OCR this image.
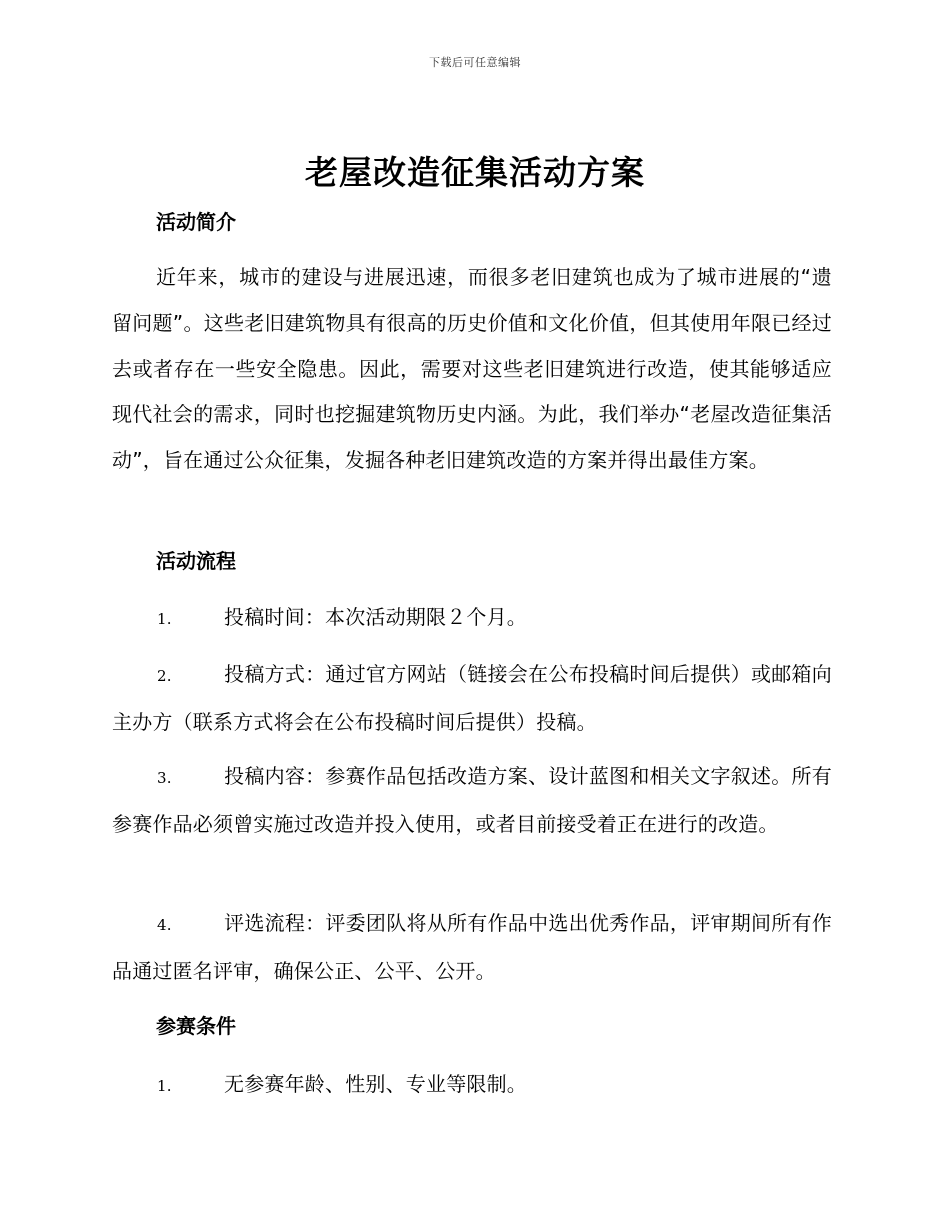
下载后可任意编辑
老屋改造征集活动方案
活动简介
近年来，城市的建设与进展迅速，而很多老旧建筑也成为了城市进展的“遗留问题”。这些老旧建筑物具有很高的历史价值和文化价值，但其使用年限已经过去或者存在一些安全隐患。因此，需要对这些老旧建筑进行改造，使其能够适应现代社会的需求，同时也挖掘建筑物历史内涵。为此，我们举办“老屋改造征集活动”，旨在通过公众征集，发掘各种老旧建筑改造的方案并得出最佳方案。
活动流程
1.	投稿时间：本次活动期限２个月。
2.	投稿方式：通过官方网站（链接会在公布投稿时间后提供）或邮箱向主办方（联系方式将会在公布投稿时间后提供）投稿。
3.	投稿内容：参赛作品包括改造方案、设计蓝图和相关文字叙述。所有参赛作品必须曾实施过改造并投入使用，或者目前接受着正在进行的改造。
4.	评选流程：评委团队将从所有作品中选出优秀作品，评审期间所有作品通过匿名评审，确保公正、公平、公开。
参赛条件
1.	无参赛年龄、性别、专业等限制。
